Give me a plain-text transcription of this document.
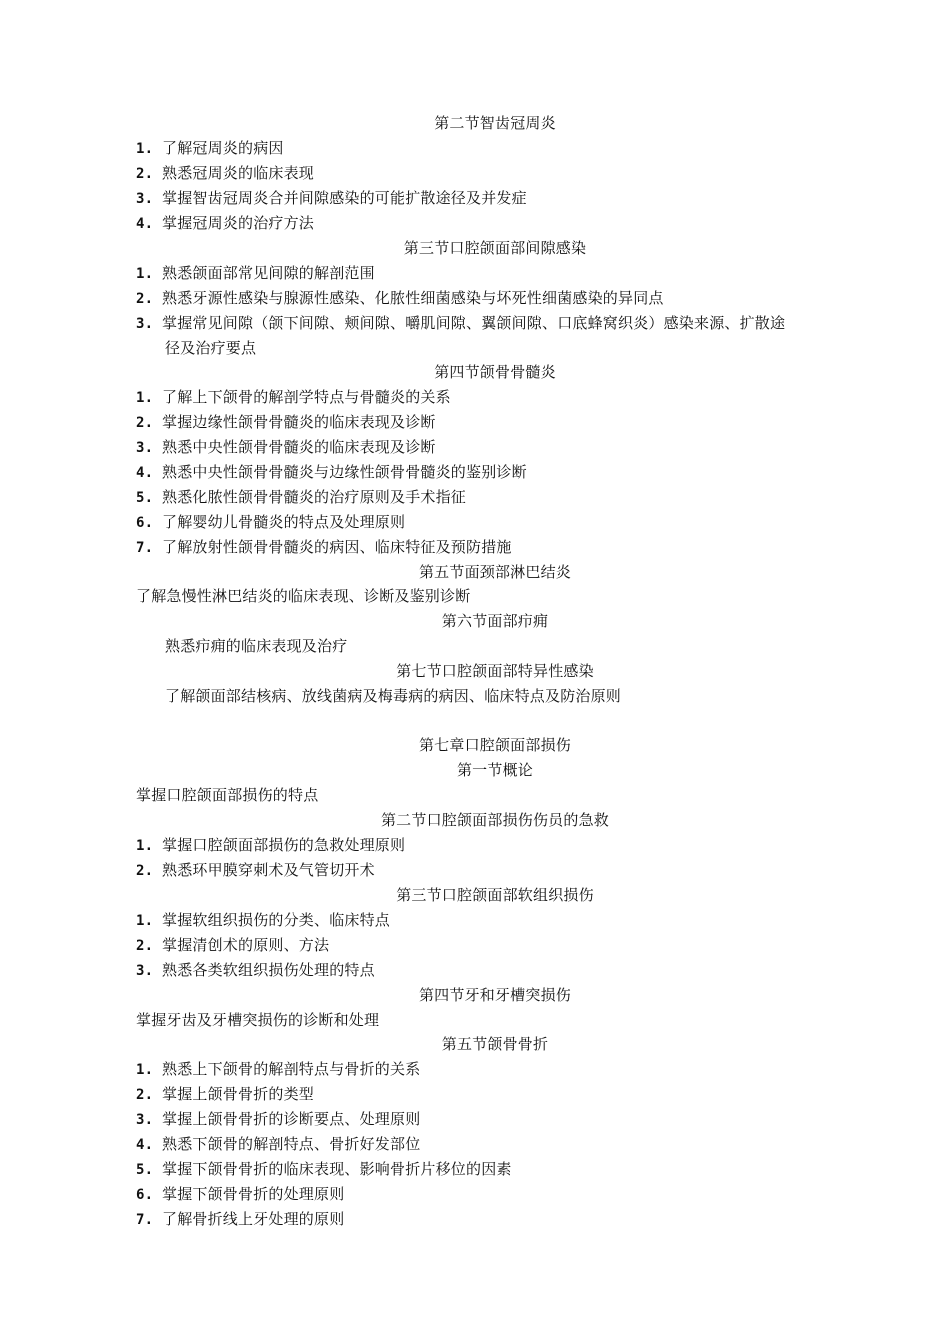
第二节智齿冠周炎
1. 了解冠周炎的病因
2. 熟悉冠周炎的临床表现
3. 掌握智齿冠周炎合并间隙感染的可能扩散途径及并发症
4. 掌握冠周炎的治疗方法
第三节口腔颌面部间隙感染
1. 熟悉颌面部常见间隙的解剖范围
2. 熟悉牙源性感染与腺源性感染、化脓性细菌感染与坏死性细菌感染的异同点
3. 掌握常见间隙（颌下间隙、颊间隙、嚼肌间隙、翼颌间隙、口底蜂窝织炎）感染来源、扩散途
径及治疗要点
第四节颌骨骨髓炎
1. 了解上下颌骨的解剖学特点与骨髓炎的关系
2. 掌握边缘性颌骨骨髓炎的临床表现及诊断
3. 熟悉中央性颌骨骨髓炎的临床表现及诊断
4. 熟悉中央性颌骨骨髓炎与边缘性颌骨骨髓炎的鉴别诊断
5. 熟悉化脓性颌骨骨髓炎的治疗原则及手术指征
6. 了解婴幼儿骨髓炎的特点及处理原则
7. 了解放射性颌骨骨髓炎的病因、临床特征及预防措施
第五节面颈部淋巴结炎
了解急慢性淋巴结炎的临床表现、诊断及鉴别诊断
第六节面部疖痈
熟悉疖痈的临床表现及治疗
第七节口腔颌面部特异性感染
了解颌面部结核病、放线菌病及梅毒病的病因、临床特点及防治原则
第七章口腔颌面部损伤
第一节概论
掌握口腔颌面部损伤的特点
第二节口腔颌面部损伤伤员的急救
1. 掌握口腔颌面部损伤的急救处理原则
2. 熟悉环甲膜穿刺术及气管切开术
第三节口腔颌面部软组织损伤
1. 掌握软组织损伤的分类、临床特点
2. 掌握清创术的原则、方法
3. 熟悉各类软组织损伤处理的特点
第四节牙和牙槽突损伤
掌握牙齿及牙槽突损伤的诊断和处理
第五节颌骨骨折
1. 熟悉上下颌骨的解剖特点与骨折的关系
2. 掌握上颌骨骨折的类型
3. 掌握上颌骨骨折的诊断要点、处理原则
4. 熟悉下颌骨的解剖特点、骨折好发部位
5. 掌握下颌骨骨折的临床表现、影响骨折片移位的因素
6. 掌握下颌骨骨折的处理原则
7. 了解骨折线上牙处理的原则
